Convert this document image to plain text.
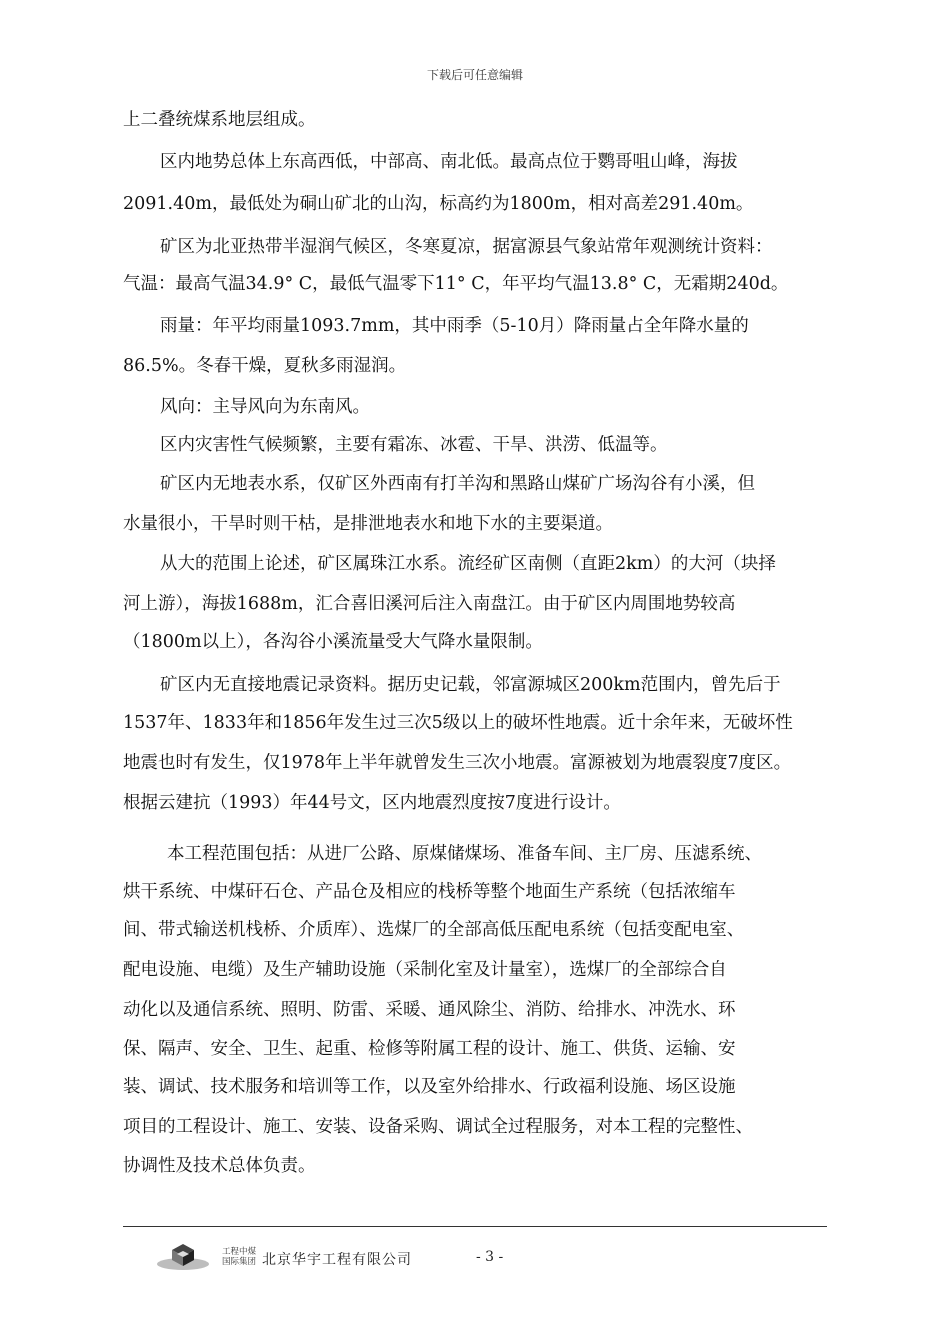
下载后可任意编辑
上二叠统煤系地层组成。
区内地势总体上东高西低，中部高、南北低。最高点位于鹦哥咀山峰，海拔
2091.40m，最低处为硐山矿北的山沟，标高约为1800m，相对高差291.40m。
矿区为北亚热带半湿润气候区，冬寒夏凉，据富源县气象站常年观测统计资料：
气温：最高气温34.9° C，最低气温零下11° C，年平均气温13.8° C，无霜期240d。
雨量：年平均雨量1093.7mm，其中雨季（5-10月）降雨量占全年降水量的
86.5%。冬春干燥，夏秋多雨湿润。
风向：主导风向为东南风。
区内灾害性气候频繁，主要有霜冻、冰雹、干旱、洪涝、低温等。
矿区内无地表水系，仅矿区外西南有打羊沟和黑路山煤矿广场沟谷有小溪，但
水量很小，干旱时则干枯，是排泄地表水和地下水的主要渠道。
从大的范围上论述，矿区属珠江水系。流经矿区南侧（直距2km）的大河（块择
河上游），海拔1688m，汇合喜旧溪河后注入南盘江。由于矿区内周围地势较高
（1800m以上），各沟谷小溪流量受大气降水量限制。
矿区内无直接地震记录资料。据历史记载，邻富源城区200km范围内，曾先后于
1537年、1833年和1856年发生过三次5级以上的破坏性地震。近十余年来，无破坏性
地震也时有发生，仅1978年上半年就曾发生三次小地震。富源被划为地震裂度7度区。
根据云建抗（1993）年44号文，区内地震烈度按7度进行设计。
本工程范围包括：从进厂公路、原煤储煤场、准备车间、主厂房、压滤系统、
烘干系统、中煤矸石仓、产品仓及相应的栈桥等整个地面生产系统（包括浓缩车
间、带式输送机栈桥、介质库）、选煤厂的全部高低压配电系统（包括变配电室、
配电设施、电缆）及生产辅助设施（采制化室及计量室），选煤厂的全部综合自
动化以及通信系统、照明、防雷、采暖、通风除尘、消防、给排水、冲洗水、环
保、隔声、安全、卫生、起重、检修等附属工程的设计、施工、供货、运输、安
装、调试、技术服务和培训等工作，以及室外给排水、行政福利设施、场区设施
项目的工程设计、施工、安装、设备采购、调试全过程服务，对本工程的完整性、
协调性及技术总体负责。
工程中煤
国际集团 北京华宇工程有限公司	- 3 -
